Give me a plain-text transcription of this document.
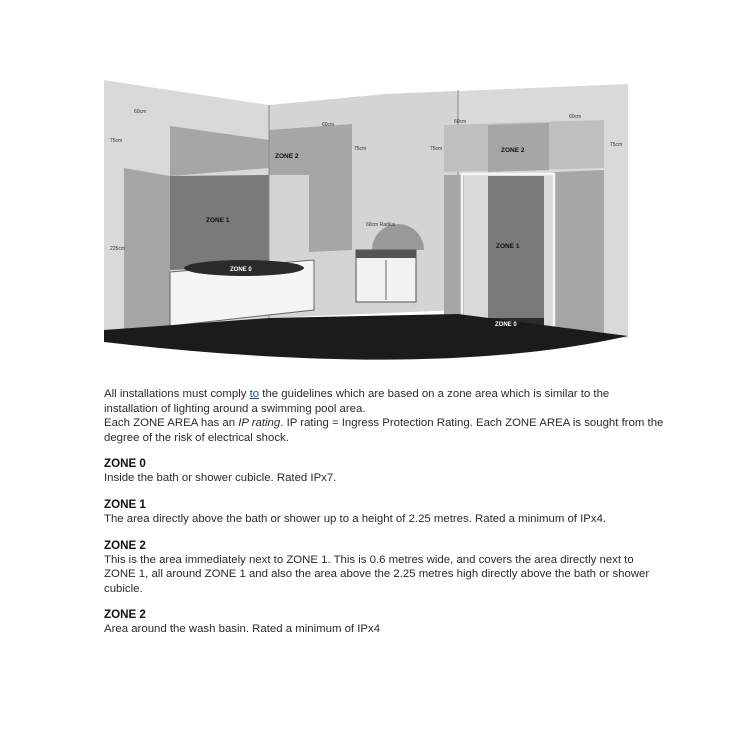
60cm
60cm	60cm
60cm
75cm
225cm
75cm	75cm
75cm
60cm Radius
ZONE 2
ZONE 1
ZONE 0
ZONE 2
ZONE 1
ZONE 0

All installations must comply to the guidelines which are based on a zone area which is similar to the installation of lighting around a swimming pool area.

Each ZONE AREA has an IP rating. IP rating = Ingress Protection Rating. Each ZONE AREA is sought from the degree of the risk of electrical shock.

ZONE 0

Inside the bath or shower cubicle. Rated IPx7.

ZONE 1

The area directly above the bath or shower up to a height of 2.25 metres. Rated a minimum of IPx4.

ZONE 2

This is the area immediately next to ZONE 1. This is 0.6 metres wide, and covers the area directly next to ZONE 1, all around ZONE 1 and also the area above the 2.25 metres high directly above the bath or shower cubicle.

ZONE 2

Area around the wash basin. Rated a minimum of IPx4
